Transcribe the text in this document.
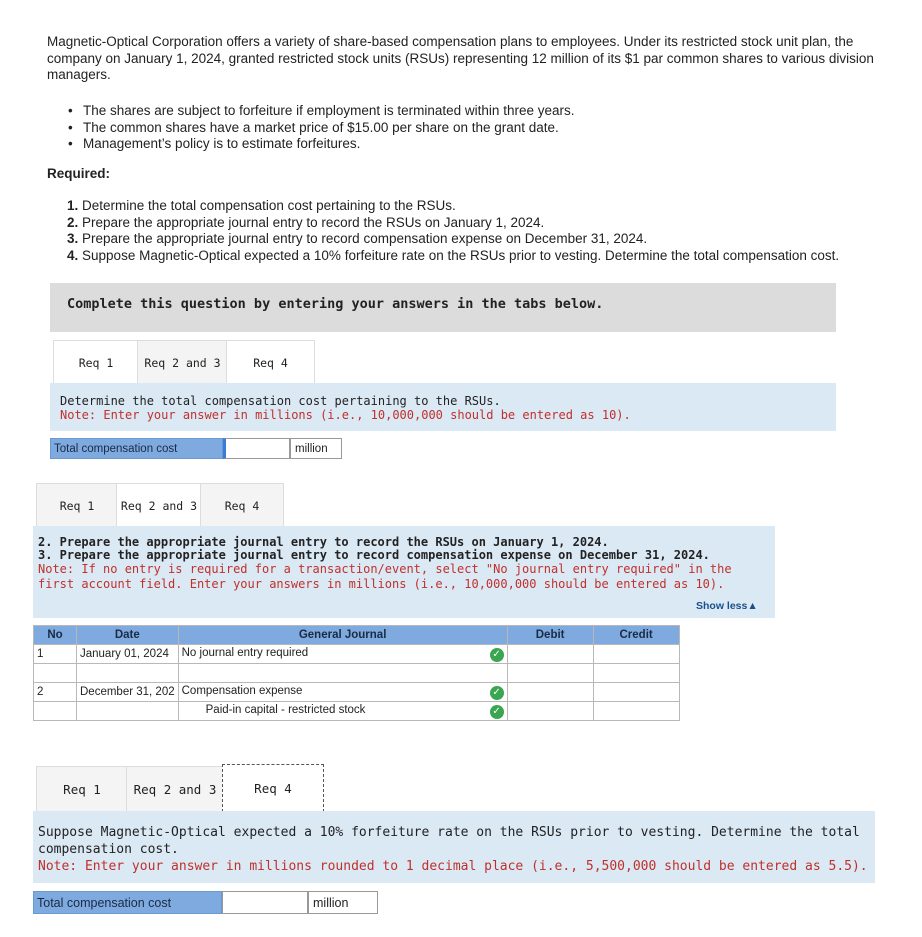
Magnetic-Optical Corporation offers a variety of share-based compensation plans to employees. Under its restricted stock unit plan, the company on January 1, 2024, granted restricted stock units (RSUs) representing 12 million of its $1 par common shares to various division managers.
• The shares are subject to forfeiture if employment is terminated within three years.
• The common shares have a market price of $15.00 per share on the grant date.
• Management’s policy is to estimate forfeitures.
Required:
1. Determine the total compensation cost pertaining to the RSUs.
2. Prepare the appropriate journal entry to record the RSUs on January 1, 2024.
3. Prepare the appropriate journal entry to record compensation expense on December 31, 2024.
4. Suppose Magnetic-Optical expected a 10% forfeiture rate on the RSUs prior to vesting. Determine the total compensation cost.
Complete this question by entering your answers in the tabs below.
Req 1	Req 2 and 3	Req 4
Determine the total compensation cost pertaining to the RSUs.
Note: Enter your answer in millions (i.e., 10,000,000 should be entered as 10).
Total compensation cost	million
Req 1	Req 2 and 3	Req 4
2. Prepare the appropriate journal entry to record the RSUs on January 1, 2024.
3. Prepare the appropriate journal entry to record compensation expense on December 31, 2024.
Note: If no entry is required for a transaction/event, select "No journal entry required" in the first account field. Enter your answers in millions (i.e., 10,000,000 should be entered as 10).
Show less▲
No	Date	General Journal	Debit	Credit
1	January 01, 2024	No journal entry required ✓		

2	December 31, 202	Compensation expense ✓		

		Paid-in capital - restricted stock ✓		

Req 1	Req 2 and 3	Req 4
Suppose Magnetic-Optical expected a 10% forfeiture rate on the RSUs prior to vesting. Determine the total compensation cost.
Note: Enter your answer in millions rounded to 1 decimal place (i.e., 5,500,000 should be entered as 5.5).
Total compensation cost	million
